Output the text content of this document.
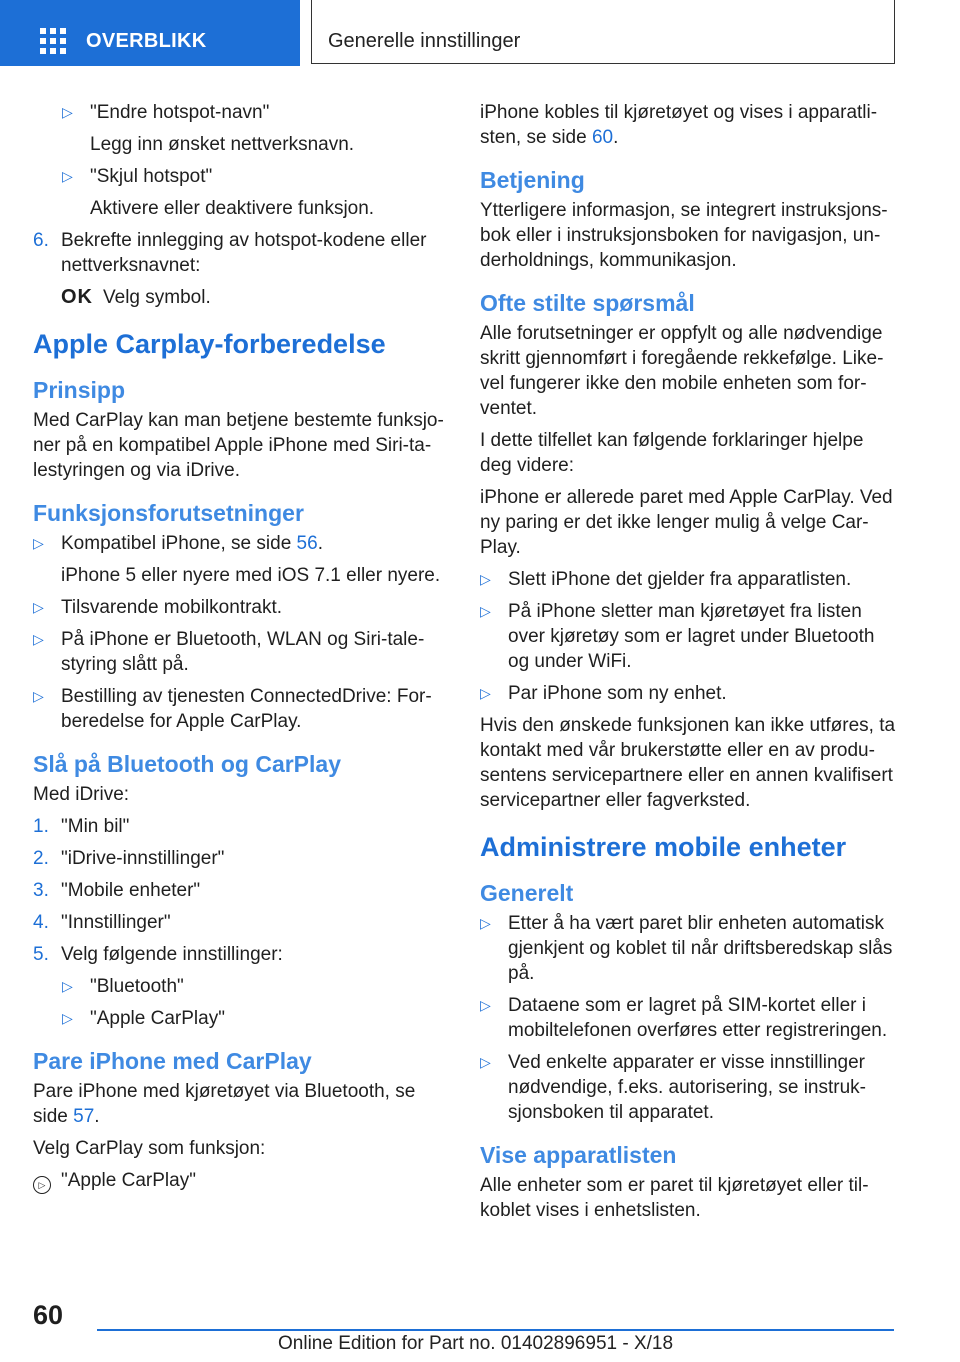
OVERBLIKK	Generelle innstillinger
▷ "Endre hotspot-navn"
Legg inn ønsket nettverksnavn.
▷ "Skjul hotspot"
Aktivere eller deaktivere funksjon.
6. Bekrefte innlegging av hotspot-kodene eller nettverksnavnet:
OK Velg symbol.
Apple Carplay-forberedelse
Prinsipp

Med CarPlay kan man betjene bestemte funksjo-ner på en kompatibel Apple iPhone med Siri-ta-lestyringen og via iDrive.

Funksjonsforutsetninger
▷ Kompatibel iPhone, se side 56.
iPhone 5 eller nyere med iOS 7.1 eller nyere.
▷ Tilsvarende mobilkontrakt.
▷ På iPhone er Bluetooth, WLAN og Siri-tale-styring slått på.
▷ Bestilling av tjenesten ConnectedDrive: For-beredelse for Apple CarPlay.
Slå på Bluetooth og CarPlay

Med iDrive:

1. "Min bil"
2. "iDrive-innstillinger"
3. "Mobile enheter"
4. "Innstillinger"
5. Velg følgende innstillinger:
▷ "Bluetooth"
▷ "Apple CarPlay"
Pare iPhone med CarPlay

Pare iPhone med kjøretøyet via Bluetooth, se side 57.

Velg CarPlay som funksjon:

▷ "Apple CarPlay"

iPhone kobles til kjøretøyet og vises i apparatli-sten, se side 60.

Betjening

Ytterligere informasjon, se integrert instruksjons-bok eller i instruksjonsboken for navigasjon, un-derholdnings, kommunikasjon.

Ofte stilte spørsmål

Alle forutsetninger er oppfylt og alle nødvendige skritt gjennomført i foregående rekkefølge. Like-vel fungerer ikke den mobile enheten som for-ventet.

I dette tilfellet kan følgende forklaringer hjelpe deg videre:

iPhone er allerede paret med Apple CarPlay. Ved ny paring er det ikke lenger mulig å velge Car-Play.

▷ Slett iPhone det gjelder fra apparatlisten.
▷ På iPhone sletter man kjøretøyet fra listen over kjøretøy som er lagret under Bluetooth og under WiFi.
▷ Par iPhone som ny enhet.

Hvis den ønskede funksjonen kan ikke utføres, ta kontakt med vår brukerstøtte eller en av produ-sentens servicepartnere eller en annen kvalifisert servicepartner eller fagverksted.

Administrere mobile enheter
Generelt
▷ Etter å ha vært paret blir enheten automatisk gjenkjent og koblet til når driftsberedskap slås på.
▷ Dataene som er lagret på SIM-kortet eller i mobiltelefonen overføres etter registreringen.
▷ Ved enkelte apparater er visse innstillinger nødvendige, f.eks. autorisering, se instruk-sjonsboken til apparatet.
Vise apparatlisten

Alle enheter som er paret til kjøretøyet eller til-koblet vises i enhetslisten.

60
Online Edition for Part no. 01402896951 - X/18
